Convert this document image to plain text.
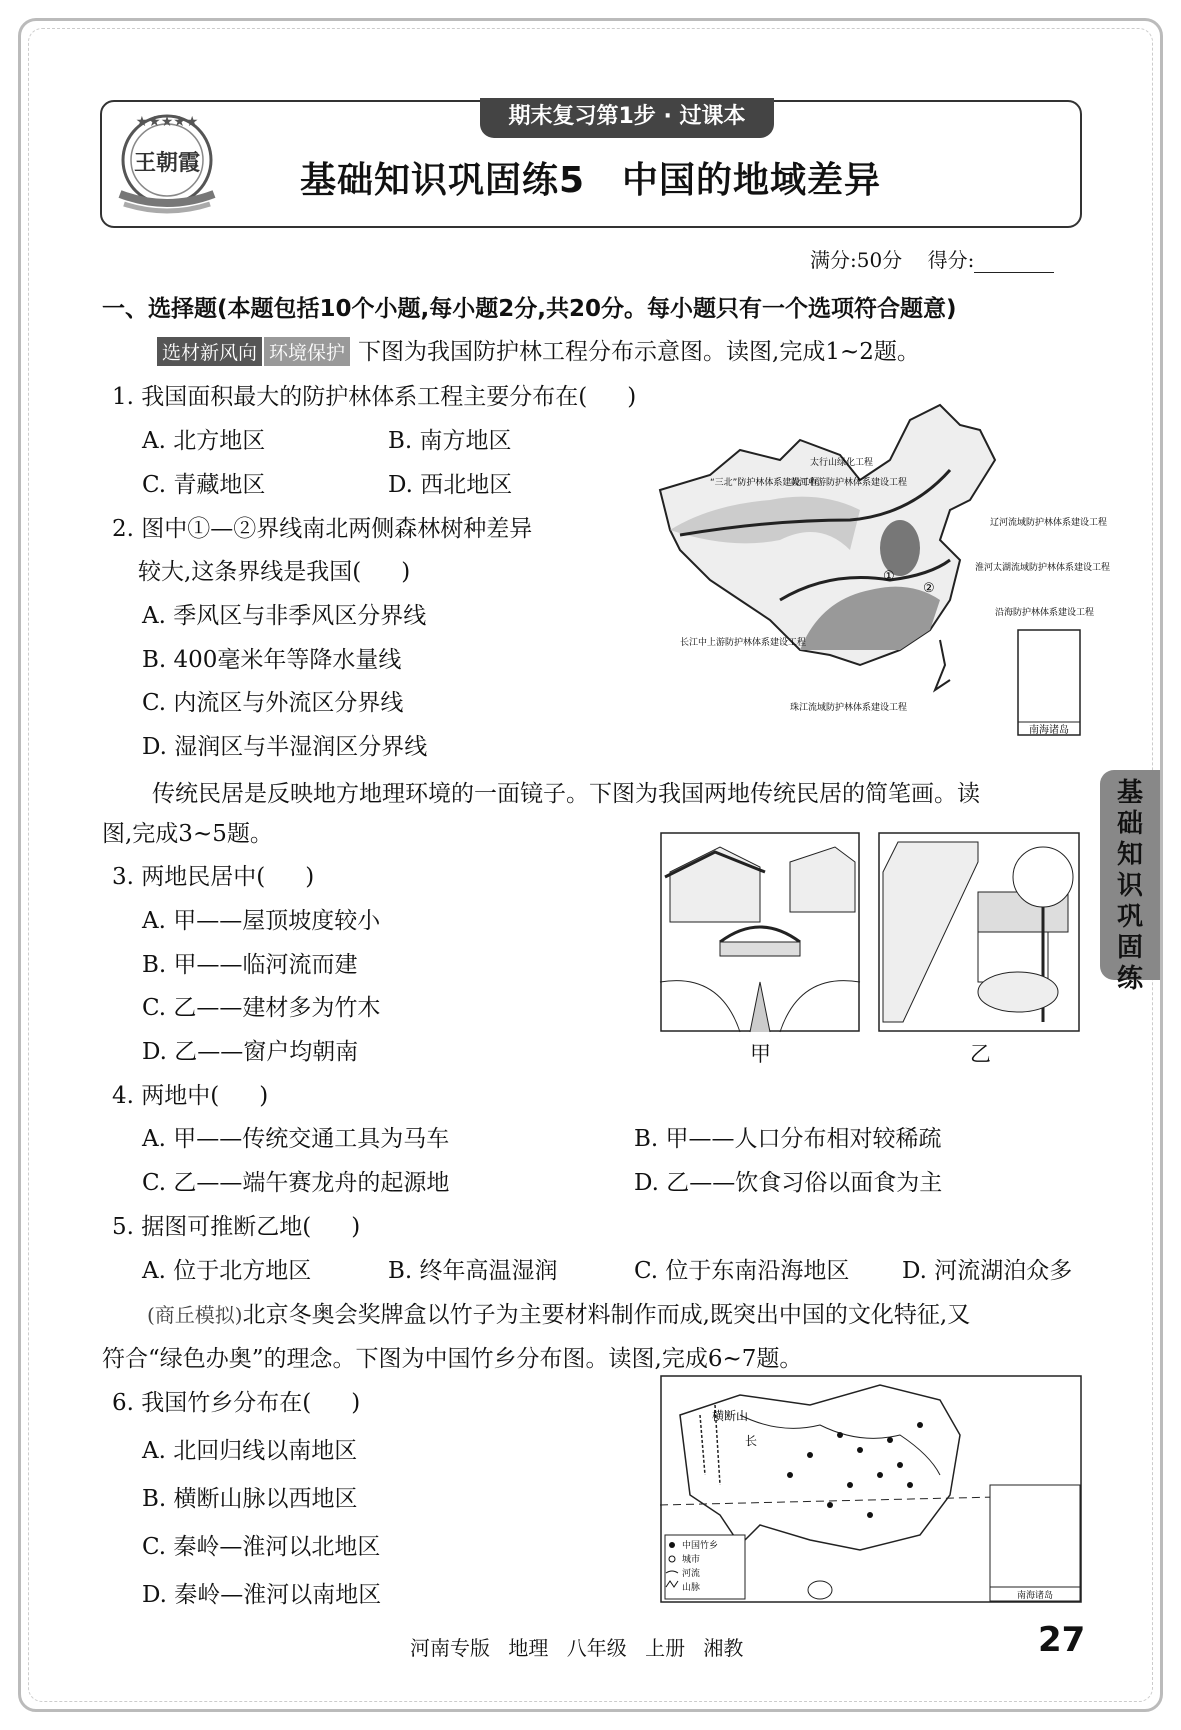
期末复习第1步 · 过课本
★★★★★
王朝霞	基础知识巩固练5　中国的地域差异
满分:50分 得分:
一、选择题(本题包括10个小题,每小题2分,共20分。每小题只有一个选项符合题意)
选材新风向 环境保护 下图为我国防护林工程分布示意图。读图,完成1~2题。
1. 我国面积最大的防护林体系工程主要分布在( )
A. 北方地区	B. 南方地区
C. 青藏地区	D. 西北地区
2. 图中①—②界线南北两侧森林树种差异
较大,这条界线是我国( )
A. 季风区与非季风区分界线
B. 400毫米年等降水量线
C. 内流区与外流区分界线
D. 湿润区与半湿润区分界线
①
②
南海诸岛
太行山绿化工程
“三北”防护林体系建设工程
黄河中游防护林体系建设工程
辽河流域防护林体系建设工程
淮河太湖流域防护林体系建设工程
沿海防护林体系建设工程
长江中上游防护林体系建设工程
珠江流域防护林体系建设工程
传统民居是反映地方地理环境的一面镜子。下图为我国两地传统民居的简笔画。读
图,完成3~5题。
3. 两地民居中( )
A. 甲——屋顶坡度较小
B. 甲——临河流而建
C. 乙——建材多为竹木
D. 乙——窗户均朝南	甲	乙
4. 两地中( )
A. 甲——传统交通工具为马车	B. 甲——人口分布相对较稀疏
C. 乙——端午赛龙舟的起源地	D. 乙——饮食习俗以面食为主
5. 据图可推断乙地( )
A. 位于北方地区	B. 终年高温湿润	C. 位于东南沿海地区 D. 河流湖泊众多
(商丘模拟)北京冬奥会奖牌盒以竹子为主要材料制作而成,既突出中国的文化特征,又
符合“绿色办奥”的理念。下图为中国竹乡分布图。读图,完成6~7题。
6. 我国竹乡分布在( )
A. 北回归线以南地区
B. 横断山脉以西地区
C. 秦岭—淮河以北地区
D. 秦岭—淮河以南地区
横断山
长
中国竹乡
城市
河流
山脉
南海诸岛
基
础
知
识
巩
固
练
河南专版 地理 八年级 上册 湘教	27
